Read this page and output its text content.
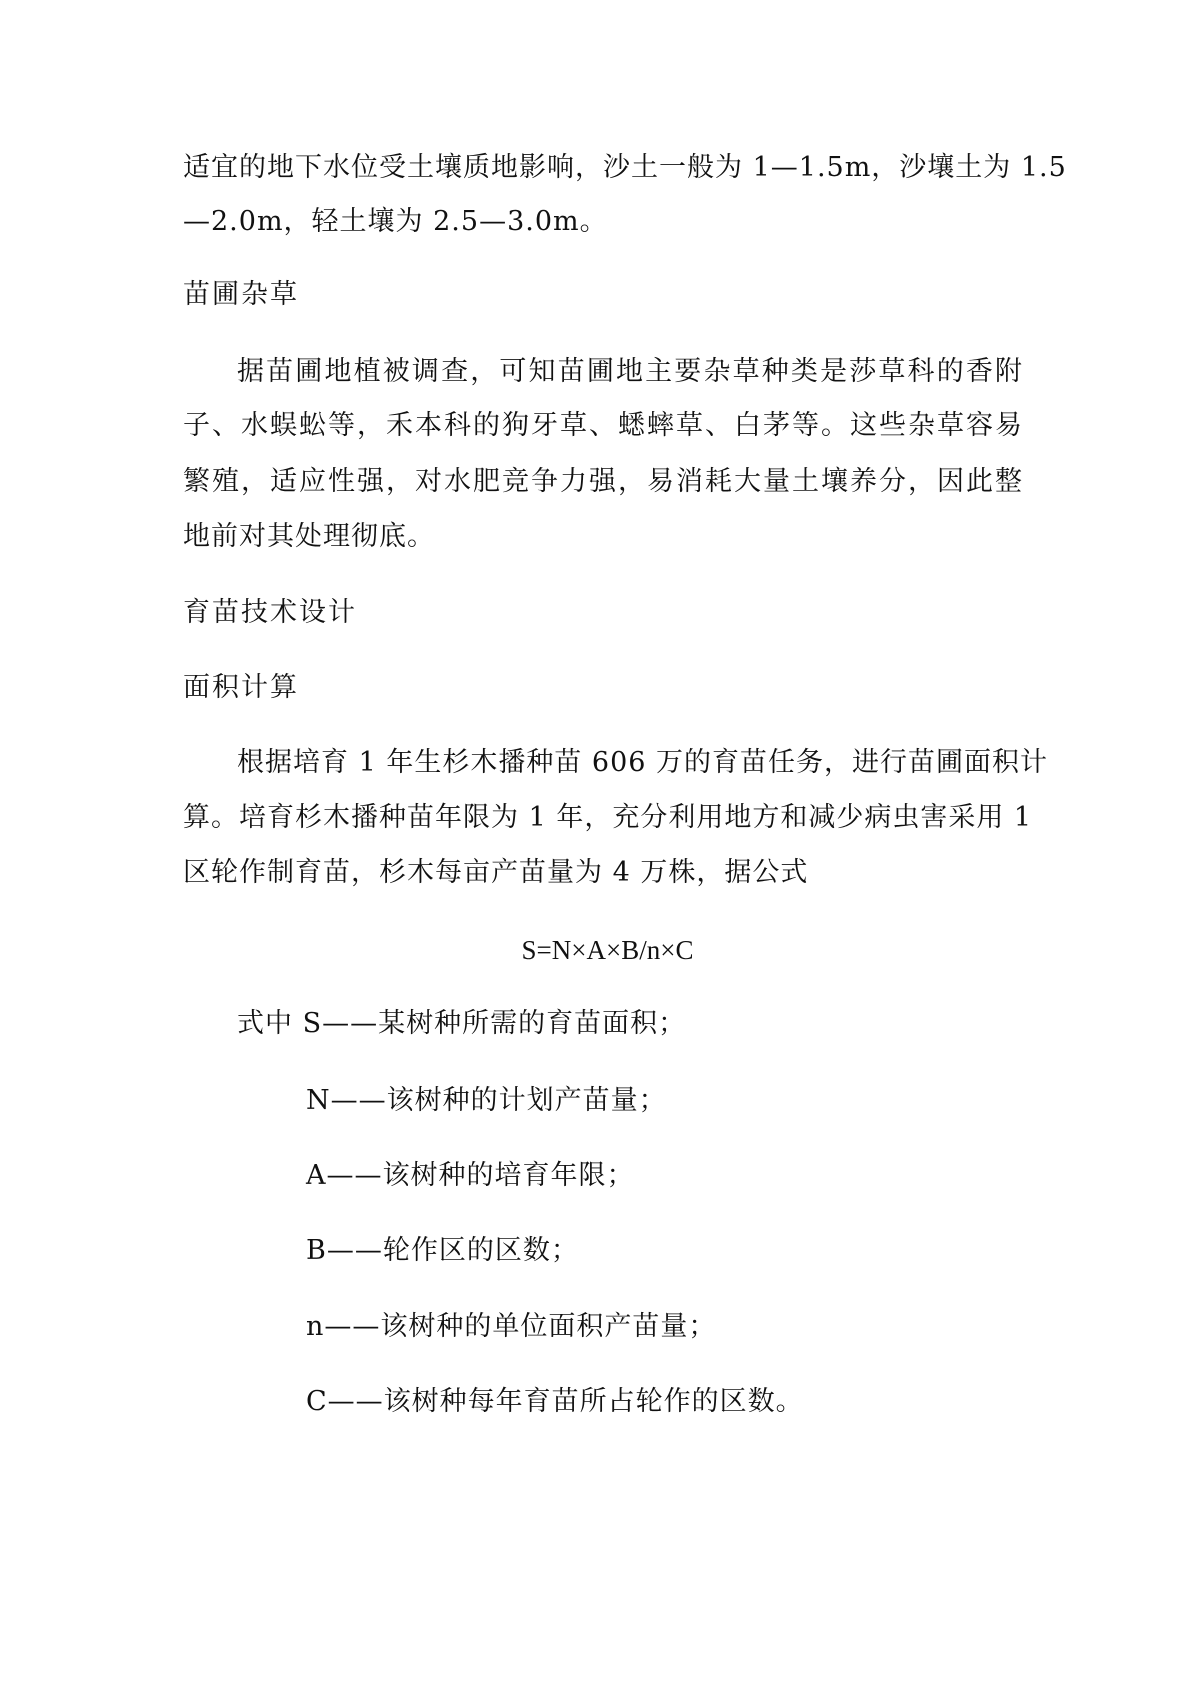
适宜的地下水位受土壤质地影响，沙土一般为 1—1.5m，沙壤土为 1.5
—2.0m，轻土壤为 2.5—3.0m。
苗圃杂草
据苗圃地植被调查，可知苗圃地主要杂草种类是莎草科的香附
子、水蜈蚣等，禾本科的狗牙草、蟋蟀草、白茅等。这些杂草容易
繁殖，适应性强，对水肥竞争力强，易消耗大量土壤养分，因此整
地前对其处理彻底。
育苗技术设计
面积计算
根据培育 1 年生杉木播种苗 606 万的育苗任务，进行苗圃面积计
算。培育杉木播种苗年限为 1 年，充分利用地方和减少病虫害采用 1
区轮作制育苗，杉木每亩产苗量为 4 万株，据公式
S=N×A×B/n×C
式中 S——某树种所需的育苗面积；
N——该树种的计划产苗量；
A——该树种的培育年限；
B——轮作区的区数；
n——该树种的单位面积产苗量；
C——该树种每年育苗所占轮作的区数。
